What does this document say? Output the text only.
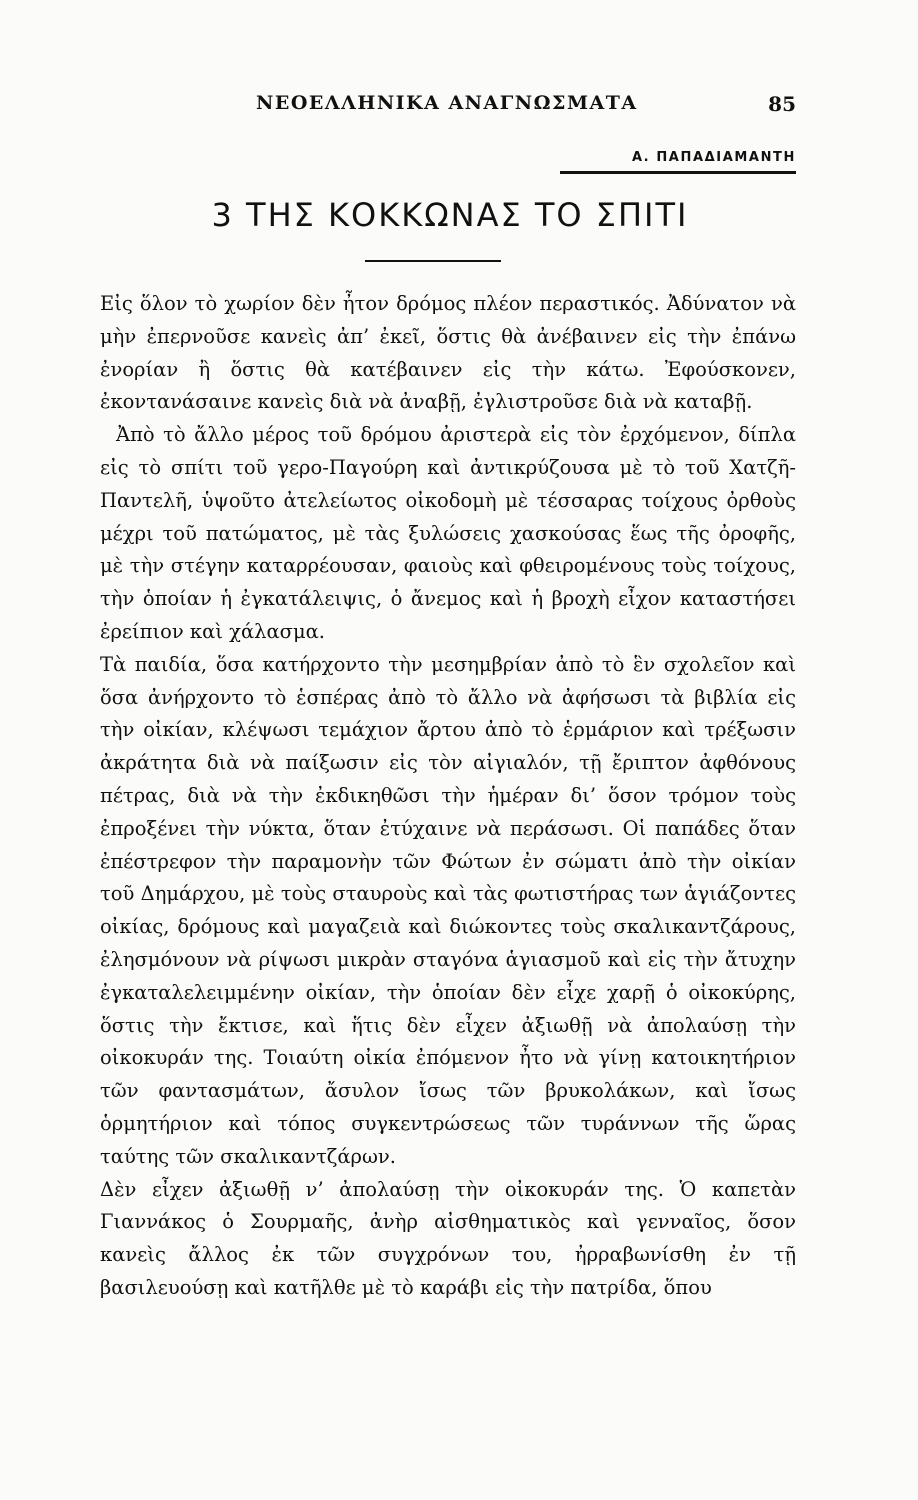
ΝΕΟΕΛΛΗΝΙΚΑ ΑΝΑΓΝΩΣΜΑΤΑ	85
Α. ΠΑΠΑΔΙΑΜΑΝΤΗ
3 ΤΗΣ ΚΟΚΚΩΝΑΣ ΤΟ ΣΠΙΤΙ

Εἰς ὅλον τὸ χωρίον δὲν ἦτον δρόμος πλέον περαστικός. Ἀδύνατον νὰ μὴν ἐπερνοῦσε κανεὶς ἀπ’ ἐκεῖ, ὅστις θὰ ἀνέβαινεν εἰς τὴν ἐπάνω ἐνορίαν ἢ ὅστις θὰ κατέβαινεν εἰς τὴν κάτω. Ἐφούσκονεν, ἐκοντανάσαινε κανεὶς διὰ νὰ ἀναβῇ, ἐγλιστροῦσε διὰ νὰ καταβῇ.

Ἀπὸ τὸ ἄλλο μέρος τοῦ δρόμου ἀριστερὰ εἰς τὸν ἐρχόμενον, δίπλα εἰς τὸ σπίτι τοῦ γερο-Παγούρη καὶ ἀντικρύζουσα μὲ τὸ τοῦ Χατζῆ-Παντελῆ, ὑψοῦτο ἀτελείωτος οἰκοδομὴ μὲ τέσσαρας τοίχους ὀρθοὺς μέχρι τοῦ πατώματος, μὲ τὰς ξυλώσεις χασκούσας ἕως τῆς ὀροφῆς, μὲ τὴν στέγην καταρρέουσαν, φαιοὺς καὶ φθειρομένους τοὺς τοίχους, τὴν ὁποίαν ἡ ἐγκατάλειψις, ὁ ἄνεμος καὶ ἡ βροχὴ εἶχον καταστήσει ἐρείπιον καὶ χάλασμα.

Τὰ παιδία, ὅσα κατήρχοντο τὴν μεσημβρίαν ἀπὸ τὸ ἓν σχολεῖον καὶ ὅσα ἀνήρχοντο τὸ ἑσπέρας ἀπὸ τὸ ἄλλο νὰ ἀφήσωσι τὰ βιβλία εἰς τὴν οἰκίαν, κλέψωσι τεμάχιον ἄρτου ἀπὸ τὸ ἑρμάριον καὶ τρέξωσιν ἀκράτητα διὰ νὰ παίξωσιν εἰς τὸν αἰγιαλόν, τῇ ἔριπτον ἀφθόνους πέτρας, διὰ νὰ τὴν ἐκδικηθῶσι τὴν ἡμέραν δι’ ὅσον τρόμον τοὺς ἐπροξένει τὴν νύκτα, ὅταν ἐτύχαινε νὰ περάσωσι. Οἱ παπάδες ὅταν ἐπέστρεφον τὴν παραμονὴν τῶν Φώτων ἐν σώματι ἀπὸ τὴν οἰκίαν τοῦ Δημάρχου, μὲ τοὺς σταυροὺς καὶ τὰς φωτιστήρας των ἁγιάζοντες οἰκίας, δρόμους καὶ μαγαζειὰ καὶ διώκοντες τοὺς σκαλικαντζάρους, ἐλησμόνουν νὰ ρίψωσι μικρὰν σταγόνα ἁγιασμοῦ καὶ εἰς τὴν ἄτυχην ἐγκαταλελειμμένην οἰκίαν, τὴν ὁποίαν δὲν εἶχε χαρῇ ὁ οἰκοκύρης, ὅστις τὴν ἔκτισε, καὶ ἥτις δὲν εἶχεν ἀξιωθῇ νὰ ἀπολαύσῃ τὴν οἰκοκυράν της. Τοιαύτη οἰκία ἐπόμενον ἦτο νὰ γίνῃ κατοικητήριον τῶν φαντασμάτων, ἄσυλον ἴσως τῶν βρυκολάκων, καὶ ἴσως ὁρμητήριον καὶ τόπος συγκεντρώσεως τῶν τυράννων τῆς ὥρας ταύτης τῶν σκαλικαντζάρων.

Δὲν εἶχεν ἀξιωθῇ ν’ ἀπολαύσῃ τὴν οἰκοκυράν της. Ὁ καπετὰν Γιαννάκος ὁ Σουρμαῆς, ἀνὴρ αἰσθηματικὸς καὶ γενναῖος, ὅσον κανεὶς ἄλλος ἐκ τῶν συγχρόνων του, ἠρραβωνίσθη ἐν τῇ βασιλευούσῃ καὶ κατῆλθε μὲ τὸ καράβι εἰς τὴν πατρίδα, ὅπου
